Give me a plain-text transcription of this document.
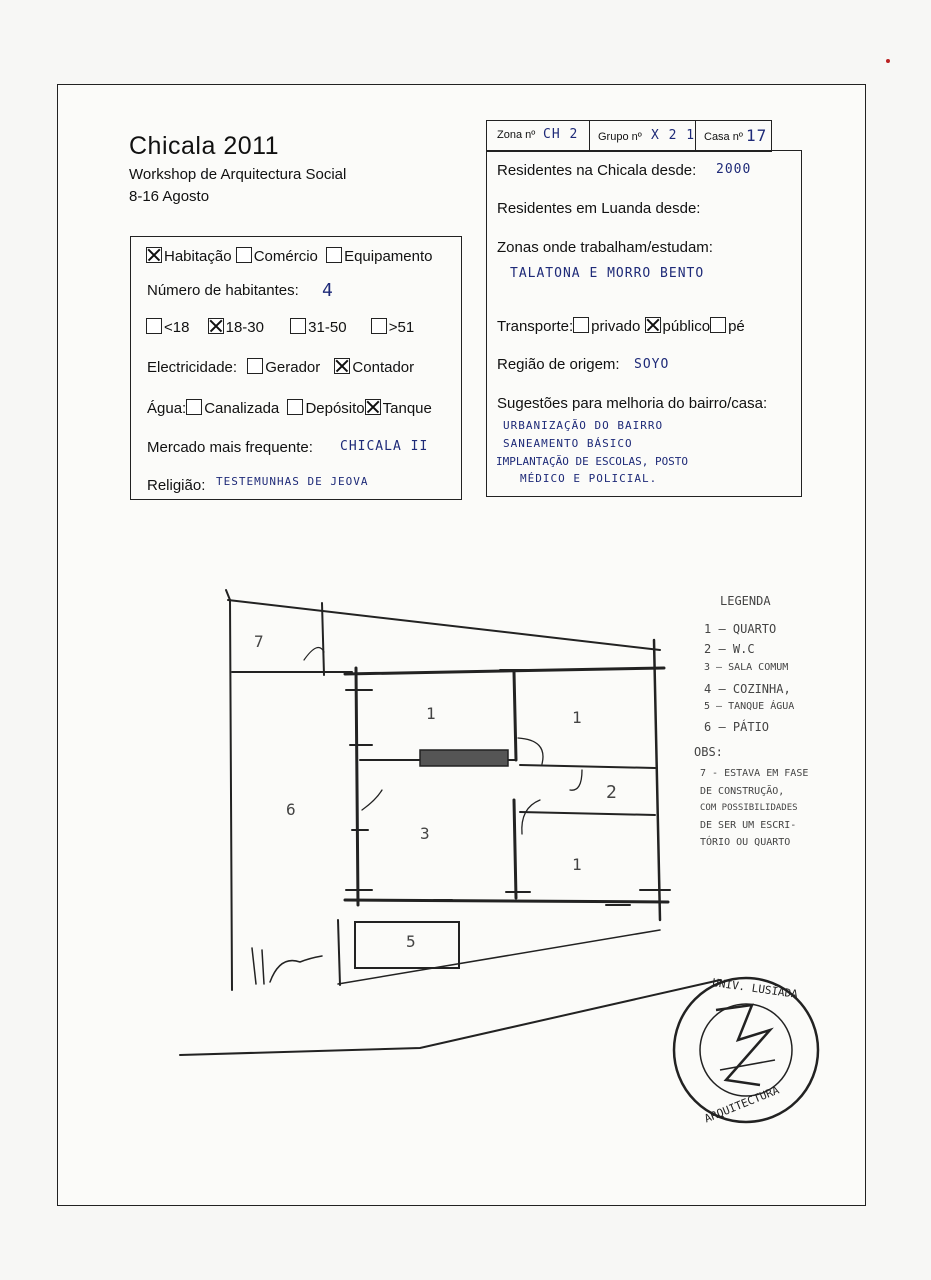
Chicala 2011
Workshop de Arquitectura Social
8-16 Agosto
Habitação Comércio Equipamento
Número de habitantes: 4
<18 18-30	31-50	>51
Electricidade: Gerador Contador
Água: Canalizada Depósito Tanque
Mercado mais frequente: CHICALA II
Religião: TESTEMUNHAS DE JEOVA
Zona nº CH 2 Grupo nº X 2 1 Casa nº 17
Residentes na Chicala desde: 2000
Residentes em Luanda desde:
Zonas onde trabalham/estudam:
TALATONA E MORRO BENTO
Transporte: privado público pé
Região de origem: SOYO
Sugestões para melhoria do bairro/casa:
URBANIZAÇÃO DO BAIRRO
SANEAMENTO BÁSICO
IMPLANTAÇÃO DE ESCOLAS, POSTO
MÉDICO E POLICIAL.
7
1	1
1
2
3
5
6
LEGENDA
1 — QUARTO
2 — W.C
3 — SALA COMUM
4 — COZINHA,
5 — TANQUE ÁGUA
6 — PÁTIO
OBS:
7 - ESTAVA EM FASE
DE CONSTRUÇÃO,
COM POSSIBILIDADES
DE SER UM ESCRI-
TÓRIO OU QUARTO
UNIV. LUSÍADA
ARQUITECTURA
